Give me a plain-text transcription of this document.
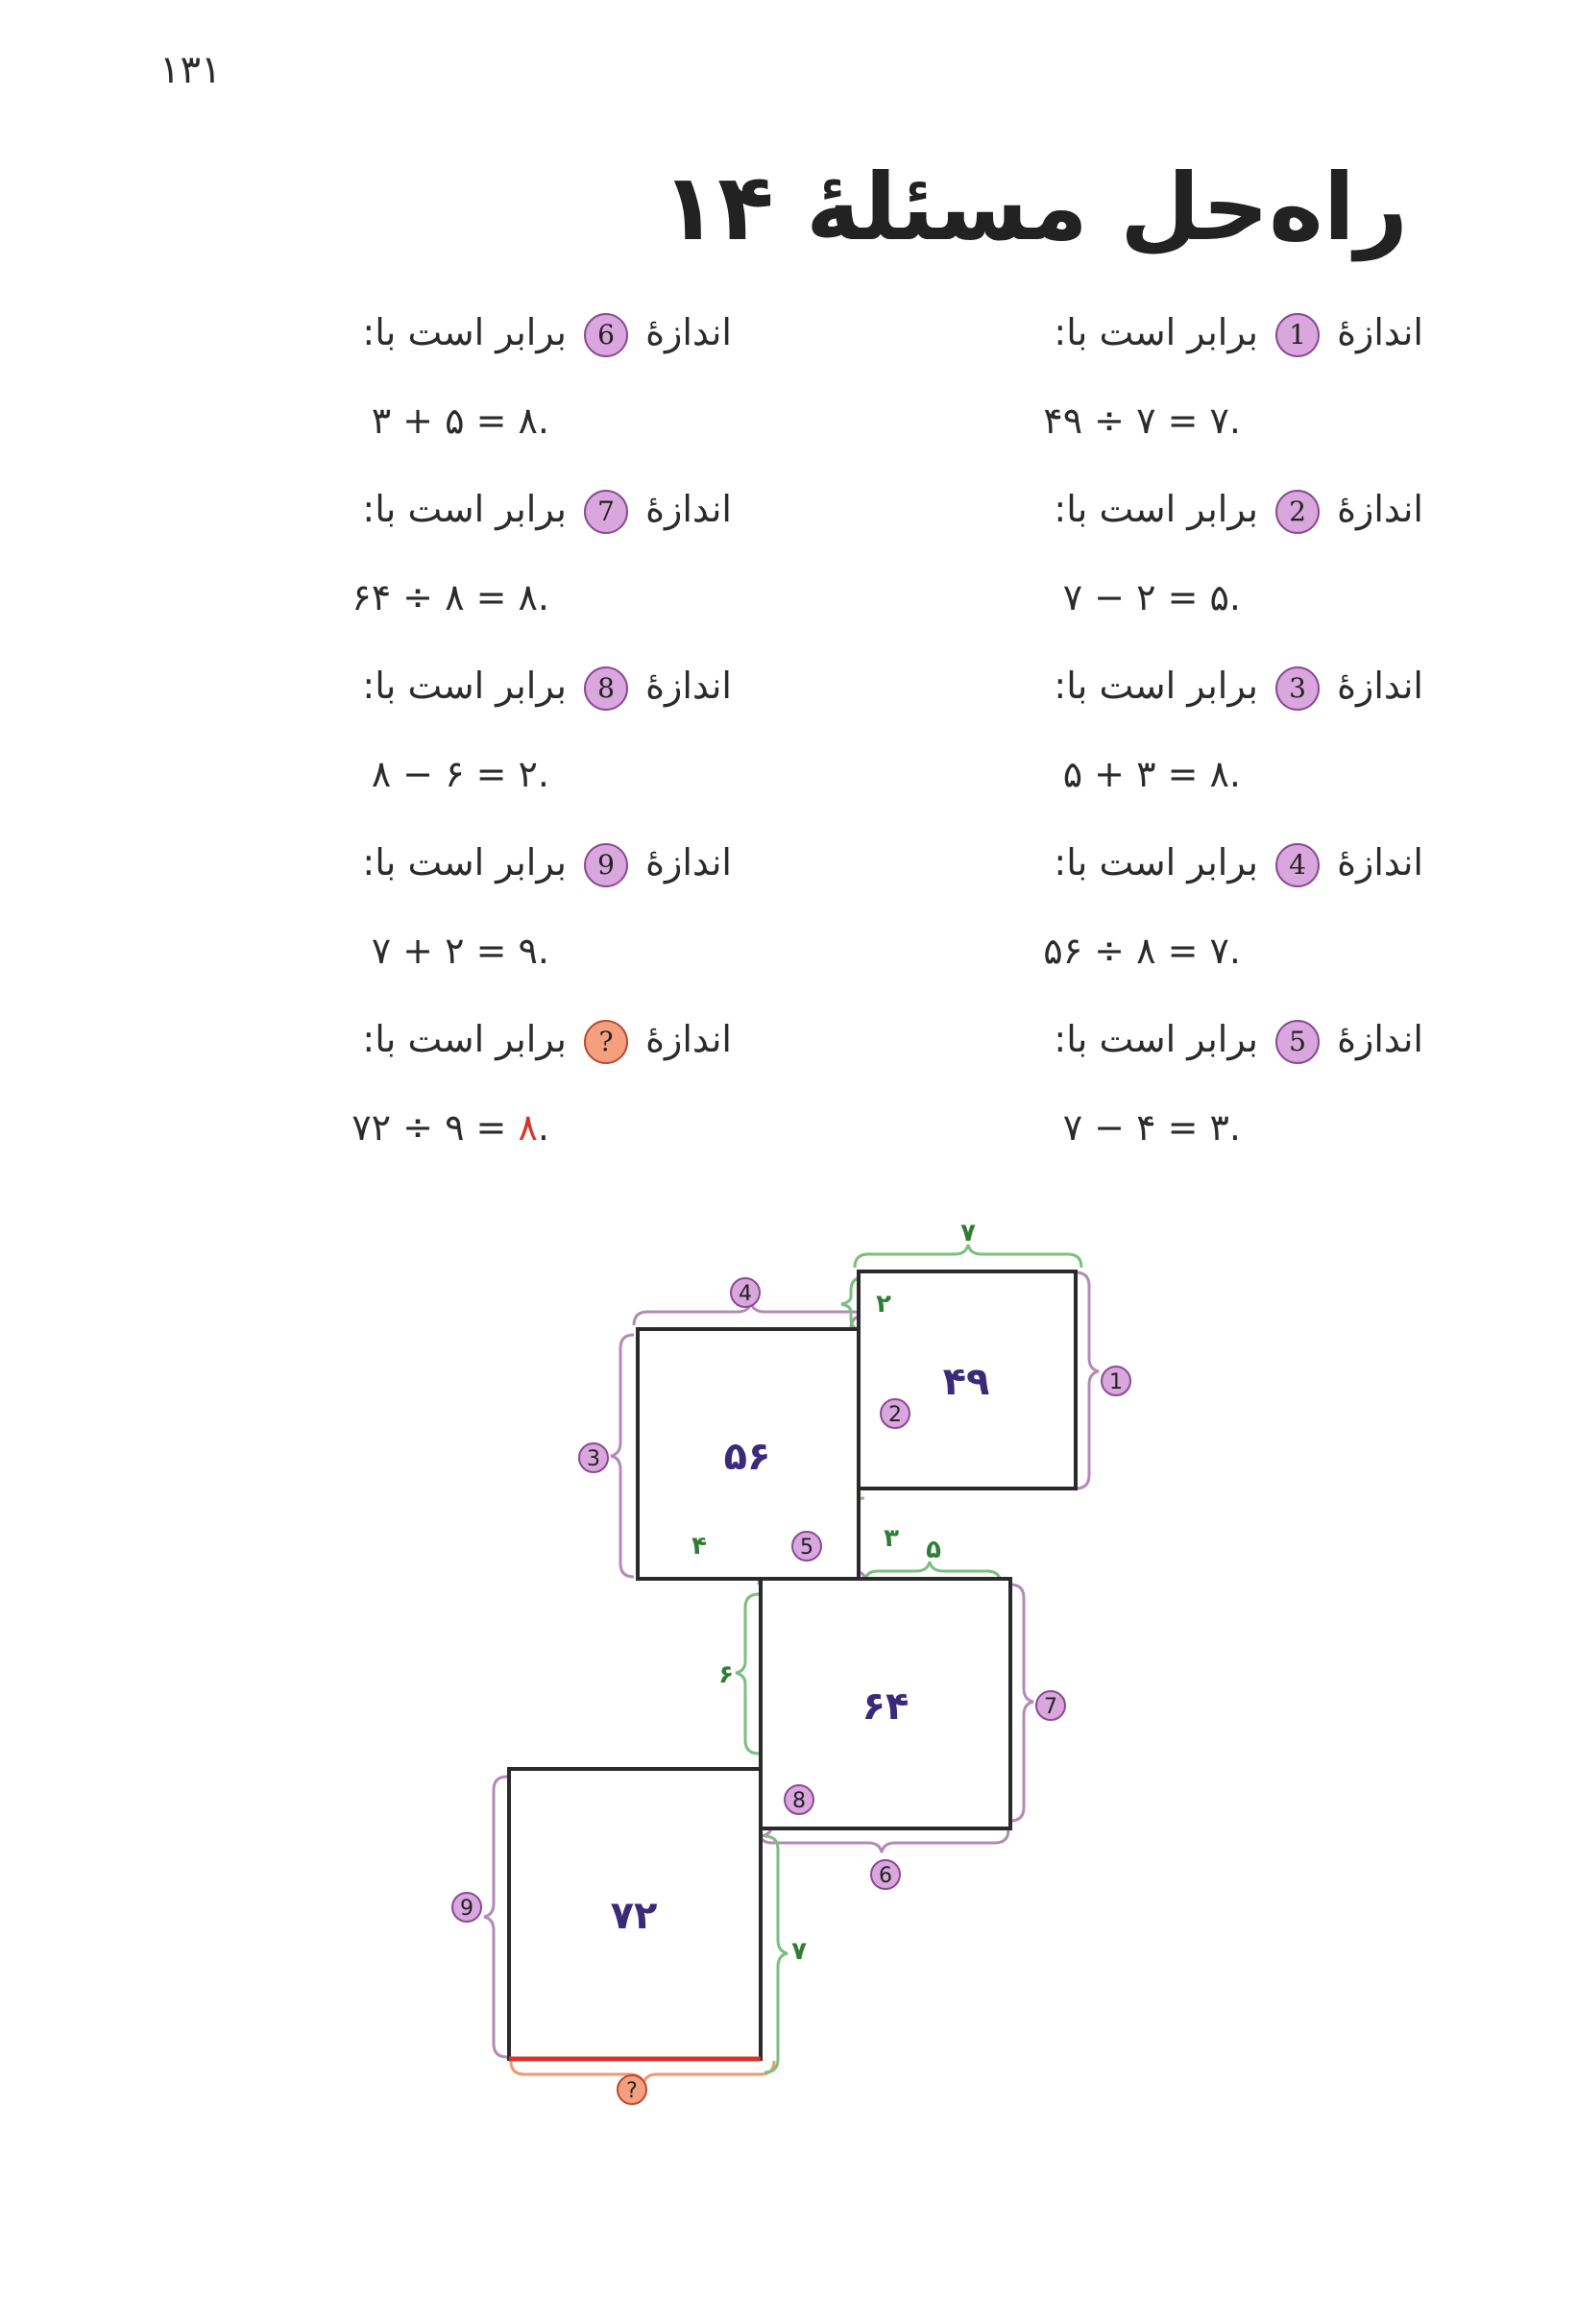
۱۳۱
راه‌حل مسئلهٔ ۱۴
اندازهٔ 1 برابر است با:
۴۹ ÷ ۷ = ۷.
اندازهٔ 2 برابر است با:
۷ − ۲ = ۵.
اندازهٔ 3 برابر است با:
۵ + ۳ = ۸.
اندازهٔ 4 برابر است با:
۵۶ ÷ ۸ = ۷.
اندازهٔ 5 برابر است با:
۷ − ۴ = ۳.
اندازهٔ 6 برابر است با:
۳ + ۵ = ۸.
اندازهٔ 7 برابر است با:
۶۴ ÷ ۸ = ۸.
اندازهٔ 8 برابر است با:
۸ − ۶ = ۲.
اندازهٔ 9 برابر است با:
۷ + ۲ = ۹.
اندازهٔ ? برابر است با:
۷۲ ÷ ۹ = ۸.
۴۹
۵۶
۶۴
۷۲
۷
۲
۳ ۵
۴
۶
۷
1
2
3
4
5
6
7
8
9
?
